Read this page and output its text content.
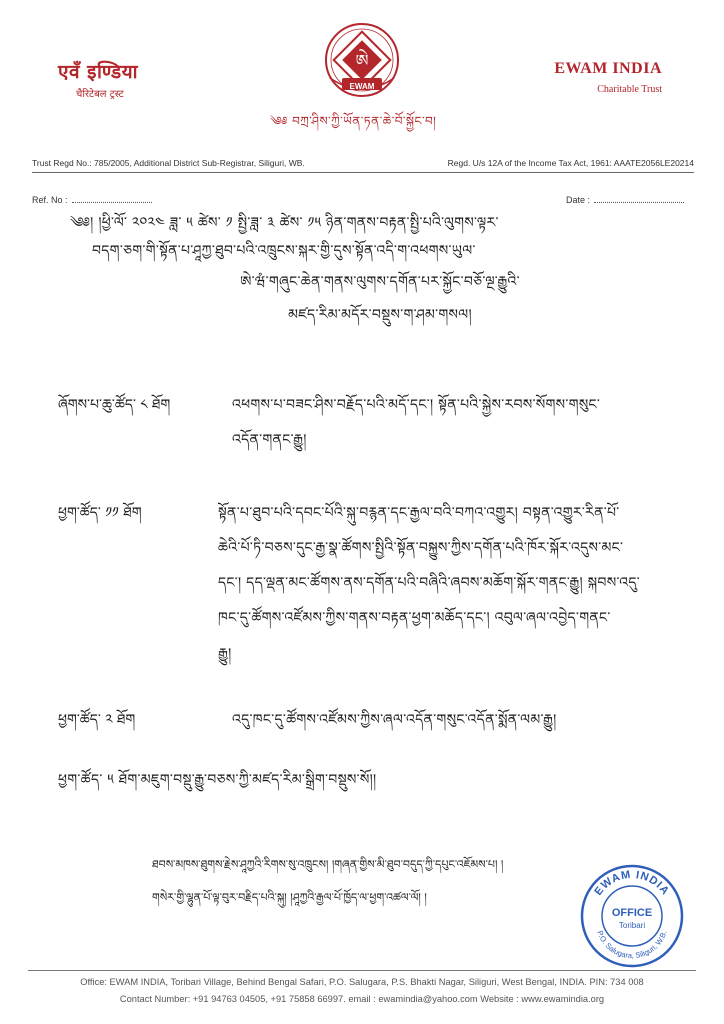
एवँ इण्डिया
चैरिटेबल ट्रस्ट
ཨེ
EWAM
EWAM INDIA
Charitable Trust
༄༅ བཀྲ་ཤིས་ཀྱི་ཡོན་ཏན་ཆེ་བོ་སྐྱོང་བ།
Trust Regd No.: 785/2005, Additional District Sub-Registrar, Siliguri, WB.	Regd. U/s 12A of the Income Tax Act, 1961: AAATE2056LE20214
Ref. No :	Date :
༄༅། །ཕྱི་ལོ་ ༢༠༢༤ ཟླ་ ༥ ཚེས་ ༡ སྤྱི་ཟླ་ ༣ ཚེས་ ༡༥ ཉིན་གནས་བརྟན་སྤྱི་པའི་ལུགས་ལྟར་
བདག་ཅག་གི་སྟོན་པ་ཤཱཀྱ་ཐུབ་པའི་འཁྲུངས་སྐར་གྱི་དུས་སྟོན་འདི་ག་འཕགས་ཡུལ་
ཨེ་ཝཾ་གཞུང་ཆེན་གནས་ལུགས་དགོན་པར་སྐྱོང་བཅོ་ལྔ་རྒྱུའི་
མཛད་རིམ་མདོར་བསྡུས་ག་ཤམ་གསལ།
ཞོགས་པ་ཆུ་ཚོད་ ༨ ཐོག	འཕགས་པ་བཟང་ཤིས་བརྗོད་པའི་མདོ་དང་། སྟོན་པའི་སྐྱེས་རབས་སོགས་གསུང་
འདོན་གནང་རྒྱུ།
ཕྱག་ཚོད་ ༡༡ ཐོག	སྟོན་པ་ཐུབ་པའི་དབང་པོའི་སྐུ་བརྙན་དང་རྒྱལ་བའི་བཀའ་འགྱུར། བསྟན་འགྱུར་རིན་པོ་
ཆེའི་པོ་ཏི་བཅས་དུང་རྒྱ་སྣ་ཚོགས་སྤྱིའི་སྟོན་བསྐྱུས་ཀྱིས་དགོན་པའི་ཁོར་སྐོར་འདུས་མང་
དང་། དད་ལྡན་མང་ཚོགས་ནས་དགོན་པའི་བཞིའི་ཞབས་མཆོག་སྐོར་གནང་རྒྱུ། སྐབས་འདུ་
ཁང་དུ་ཚོགས་འཛོམས་ཀྱིས་གནས་བརྟན་ཕྱག་མཆོད་དང་། འབུལ་ཞལ་འབྱེད་གནང་
རྒྱུ།
ཕྱག་ཚོད་ ༢ ཐོག	འདུ་ཁང་དུ་ཚོགས་འཛོམས་ཀྱིས་ཞལ་འདོན་གསུང་འདོན་སྨོན་ལམ་རྒྱུ།
ཕྱག་ཚོད་ ༥ ཐོག་མཇུག་བསྡུ་རྒྱུ་བཅས་ཀྱི་མཛད་རིམ་སྒྲིག་བསྡུས་སོ།།
ཐབས་མཁས་ཐུགས་རྗེས་ཤཱཀྱའི་རིགས་སུ་འཁྲུངས། །གཞན་གྱིས་མི་ཐུབ་བདུད་ཀྱི་དཔུང་འཇོམས་པ། །
གསེར་གྱི་ལྷུན་པོ་ལྟ་བུར་བརྗིད་པའི་སྐུ། །ཤཱཀྱའི་རྒྱལ་པོ་ཁྱོད་ལ་ཕྱག་འཚལ་ལོ། །	EWAM INDIA
OFFICE
Toribari
P.O. Salugara, Siliguri, W.B.
Office: EWAM INDIA, Toribari Village, Behind Bengal Safari, P.O. Salugara, P.S. Bhakti Nagar, Siliguri, West Bengal, INDIA. PIN: 734 008
Contact Number: +91 94763 04505, +91 75858 66997. email : ewamindia@yahoo.com Website : www.ewamindia.org
